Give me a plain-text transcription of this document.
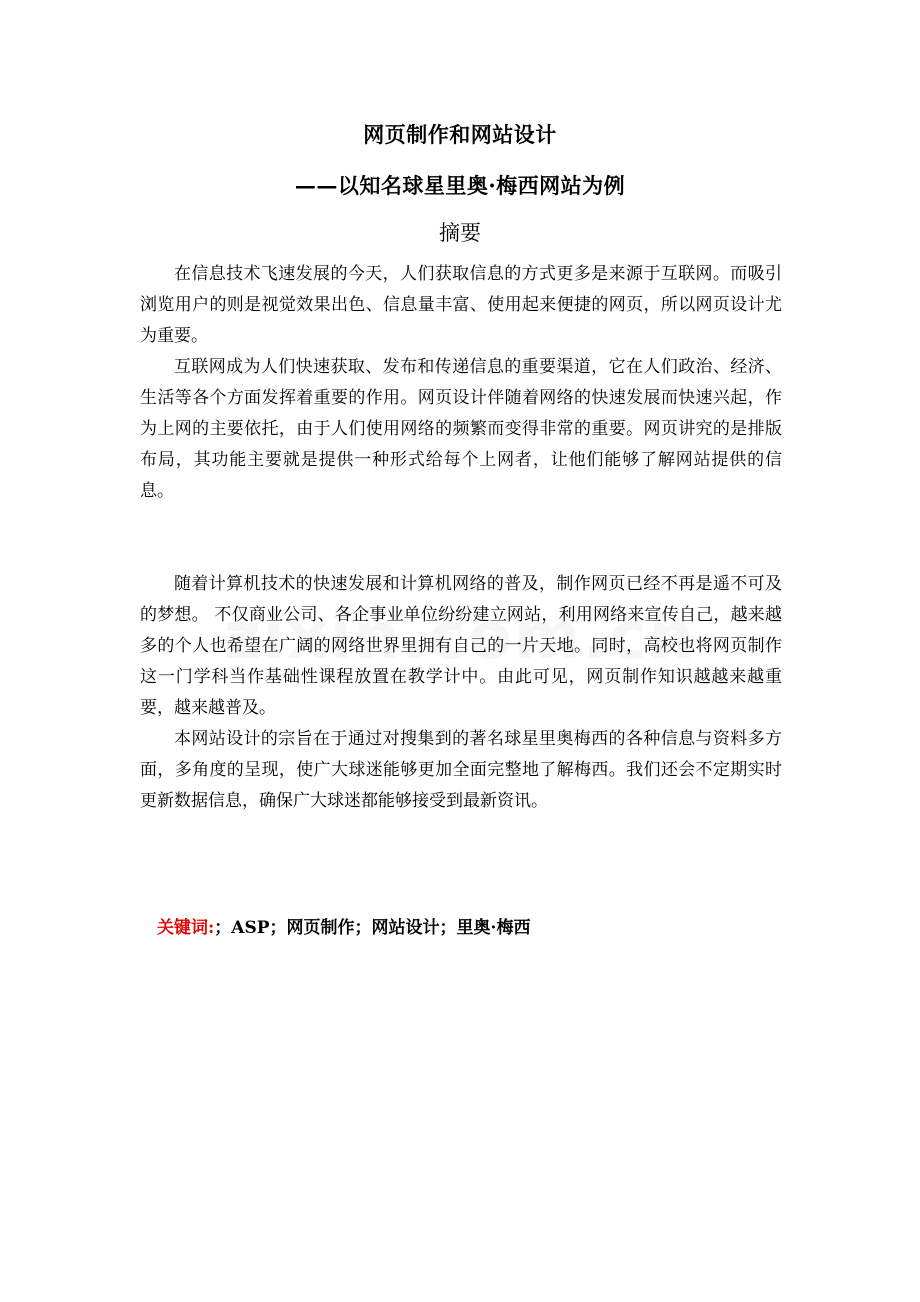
网页制作和网站设计
——以知名球星里奥·梅西网站为例
摘要

在信息技术飞速发展的今天，人们获取信息的方式更多是来源于互联网。而吸引浏览用户的则是视觉效果出色、信息量丰富、使用起来便捷的网页，所以网页设计尤为重要。

互联网成为人们快速获取、发布和传递信息的重要渠道，它在人们政治、经济、生活等各个方面发挥着重要的作用。网页设计伴随着网络的快速发展而快速兴起，作为上网的主要依托，由于人们使用网络的频繁而变得非常的重要。网页讲究的是排版布局，其功能主要就是提供一种形式给每个上网者，让他们能够了解网站提供的信息。

随着计算机技术的快速发展和计算机网络的普及，制作网页已经不再是遥不可及的梦想。 不仅商业公司、各企事业单位纷纷建立网站，利用网络来宣传自己，越来越多的个人也希望在广阔的网络世界里拥有自己的一片天地。同时，高校也将网页制作这一门学科当作基础性课程放置在教学计中。由此可见，网页制作知识越越来越重要，越来越普及。

本网站设计的宗旨在于通过对搜集到的著名球星里奥梅西的各种信息与资料多方面，多角度的呈现，使广大球迷能够更加全面完整地了解梅西。我们还会不定期实时更新数据信息，确保广大球迷都能够接受到最新资讯。

关键词:；ASP；网页制作；网站设计；里奥·梅西
